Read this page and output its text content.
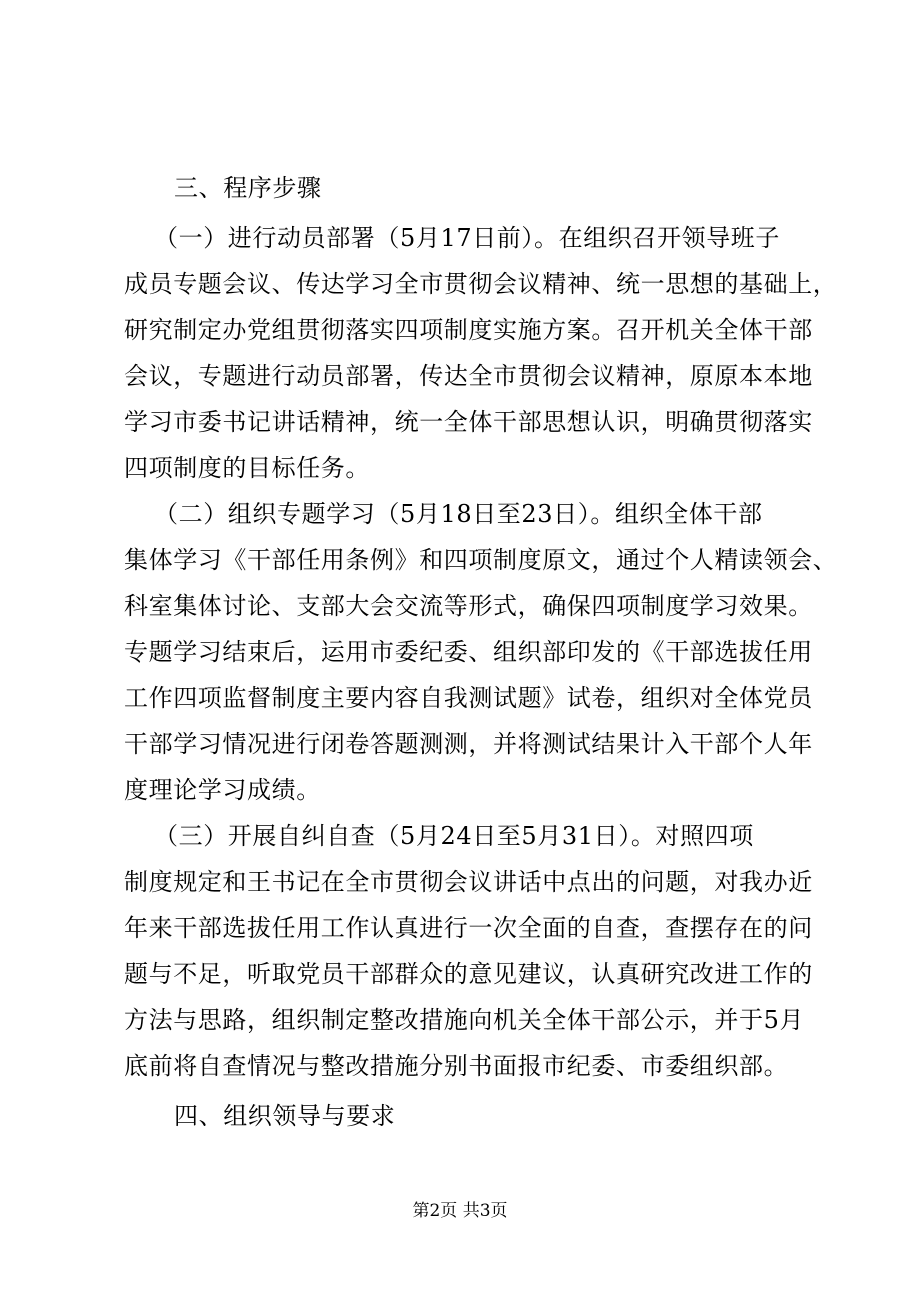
三、程序步骤
（一）进行动员部署（5月17日前）。在组织召开领导班子
成员专题会议、传达学习全市贯彻会议精神、统一思想的基础上，
研究制定办党组贯彻落实四项制度实施方案。召开机关全体干部
会议，专题进行动员部署，传达全市贯彻会议精神，原原本本地
学习市委书记讲话精神，统一全体干部思想认识，明确贯彻落实
四项制度的目标任务。
（二）组织专题学习（5月18日至23日）。组织全体干部
集体学习《干部任用条例》和四项制度原文，通过个人精读领会、
科室集体讨论、支部大会交流等形式，确保四项制度学习效果。
专题学习结束后，运用市委纪委、组织部印发的《干部选拔任用
工作四项监督制度主要内容自我测试题》试卷，组织对全体党员
干部学习情况进行闭卷答题测测，并将测试结果计入干部个人年
度理论学习成绩。
（三）开展自纠自查（5月24日至5月31日）。对照四项
制度规定和王书记在全市贯彻会议讲话中点出的问题，对我办近
年来干部选拔任用工作认真进行一次全面的自查，查摆存在的问
题与不足，听取党员干部群众的意见建议，认真研究改进工作的
方法与思路，组织制定整改措施向机关全体干部公示，并于5月
底前将自查情况与整改措施分别书面报市纪委、市委组织部。
四、组织领导与要求
第2页 共3页
